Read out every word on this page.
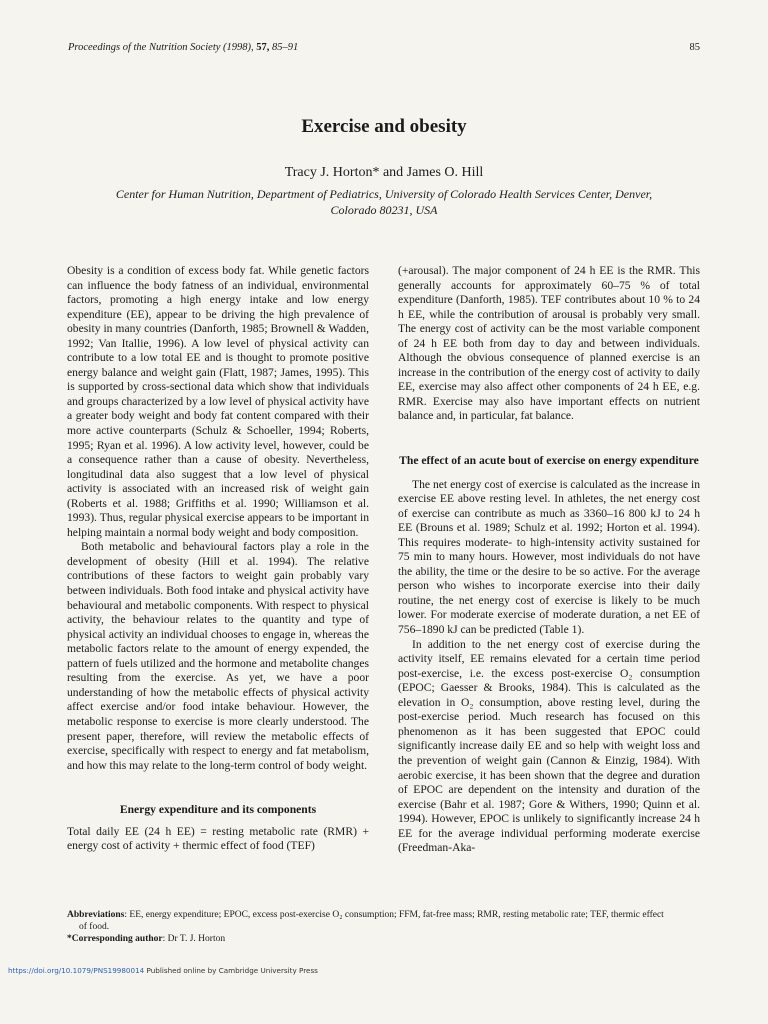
Proceedings of the Nutrition Society (1998), 57, 85–91	85
Exercise and obesity
Tracy J. Horton* and James O. Hill
Center for Human Nutrition, Department of Pediatrics, University of Colorado Health Services Center, Denver, Colorado 80231, USA

Obesity is a condition of excess body fat. While genetic factors can influence the body fatness of an individual, environmental factors, promoting a high energy intake and low energy expenditure (EE), appear to be driving the high prevalence of obesity in many countries (Danforth, 1985; Brownell & Wadden, 1992; Van Itallie, 1996). A low level of physical activity can contribute to a low total EE and is thought to promote positive energy balance and weight gain (Flatt, 1987; James, 1995). This is supported by cross-sectional data which show that individuals and groups characterized by a low level of physical activity have a greater body weight and body fat content compared with their more active counterparts (Schulz & Schoeller, 1994; Roberts, 1995; Ryan et al. 1996). A low activity level, however, could be a consequence rather than a cause of obesity. Nevertheless, longitudinal data also suggest that a low level of physical activity is associated with an increased risk of weight gain (Roberts et al. 1988; Griffiths et al. 1990; Williamson et al. 1993). Thus, regular physical exercise appears to be important in helping maintain a normal body weight and body composition.

Both metabolic and behavioural factors play a role in the development of obesity (Hill et al. 1994). The relative contributions of these factors to weight gain probably vary between individuals. Both food intake and physical activity have behavioural and metabolic components. With respect to physical activity, the behaviour relates to the quantity and type of physical activity an individual chooses to engage in, whereas the metabolic factors relate to the amount of energy expended, the pattern of fuels utilized and the hormone and metabolite changes resulting from the exercise. As yet, we have a poor understanding of how the metabolic effects of physical activity affect exercise and/or food intake behaviour. However, the metabolic response to exercise is more clearly understood. The present paper, therefore, will review the metabolic effects of exercise, specifically with respect to energy and fat metabolism, and how this may relate to the long-term control of body weight.

Energy expenditure and its components

Total daily EE (24 h EE) = resting metabolic rate (RMR) + energy cost of activity + thermic effect of food (TEF)

(+arousal). The major component of 24 h EE is the RMR. This generally accounts for approximately 60–75 % of total expenditure (Danforth, 1985). TEF contributes about 10 % to 24 h EE, while the contribution of arousal is probably very small. The energy cost of activity can be the most variable component of 24 h EE both from day to day and between individuals. Although the obvious consequence of planned exercise is an increase in the contribution of the energy cost of activity to daily EE, exercise may also affect other components of 24 h EE, e.g. RMR. Exercise may also have important effects on nutrient balance and, in particular, fat balance.

The effect of an acute bout of exercise on energy expenditure

The net energy cost of exercise is calculated as the increase in exercise EE above resting level. In athletes, the net energy cost of exercise can contribute as much as 3360–16 800 kJ to 24 h EE (Brouns et al. 1989; Schulz et al. 1992; Horton et al. 1994). This requires moderate- to high-intensity activity sustained for 75 min to many hours. However, most individuals do not have the ability, the time or the desire to be so active. For the average person who wishes to incorporate exercise into their daily routine, the net energy cost of exercise is likely to be much lower. For moderate exercise of moderate duration, a net EE of 756–1890 kJ can be predicted (Table 1).

In addition to the net energy cost of exercise during the activity itself, EE remains elevated for a certain time period post-exercise, i.e. the excess post-exercise O₂ consumption (EPOC; Gaesser & Brooks, 1984). This is calculated as the elevation in O₂ consumption, above resting level, during the post-exercise period. Much research has focused on this phenomenon as it has been suggested that EPOC could significantly increase daily EE and so help with weight loss and the prevention of weight gain (Cannon & Einzig, 1984). With aerobic exercise, it has been shown that the degree and duration of EPOC are dependent on the intensity and duration of the exercise (Bahr et al. 1987; Gore & Withers, 1990; Quinn et al. 1994). However, EPOC is unlikely to significantly increase 24 h EE for the average individual performing moderate exercise (Freedman-Aka-

Abbreviations: EE, energy expenditure; EPOC, excess post-exercise O₂ consumption; FFM, fat-free mass; RMR, resting metabolic rate; TEF, thermic effect

of food.

*Corresponding author: Dr T. J. Horton

https://doi.org/10.1079/PNS19980014 Published online by Cambridge University Press
